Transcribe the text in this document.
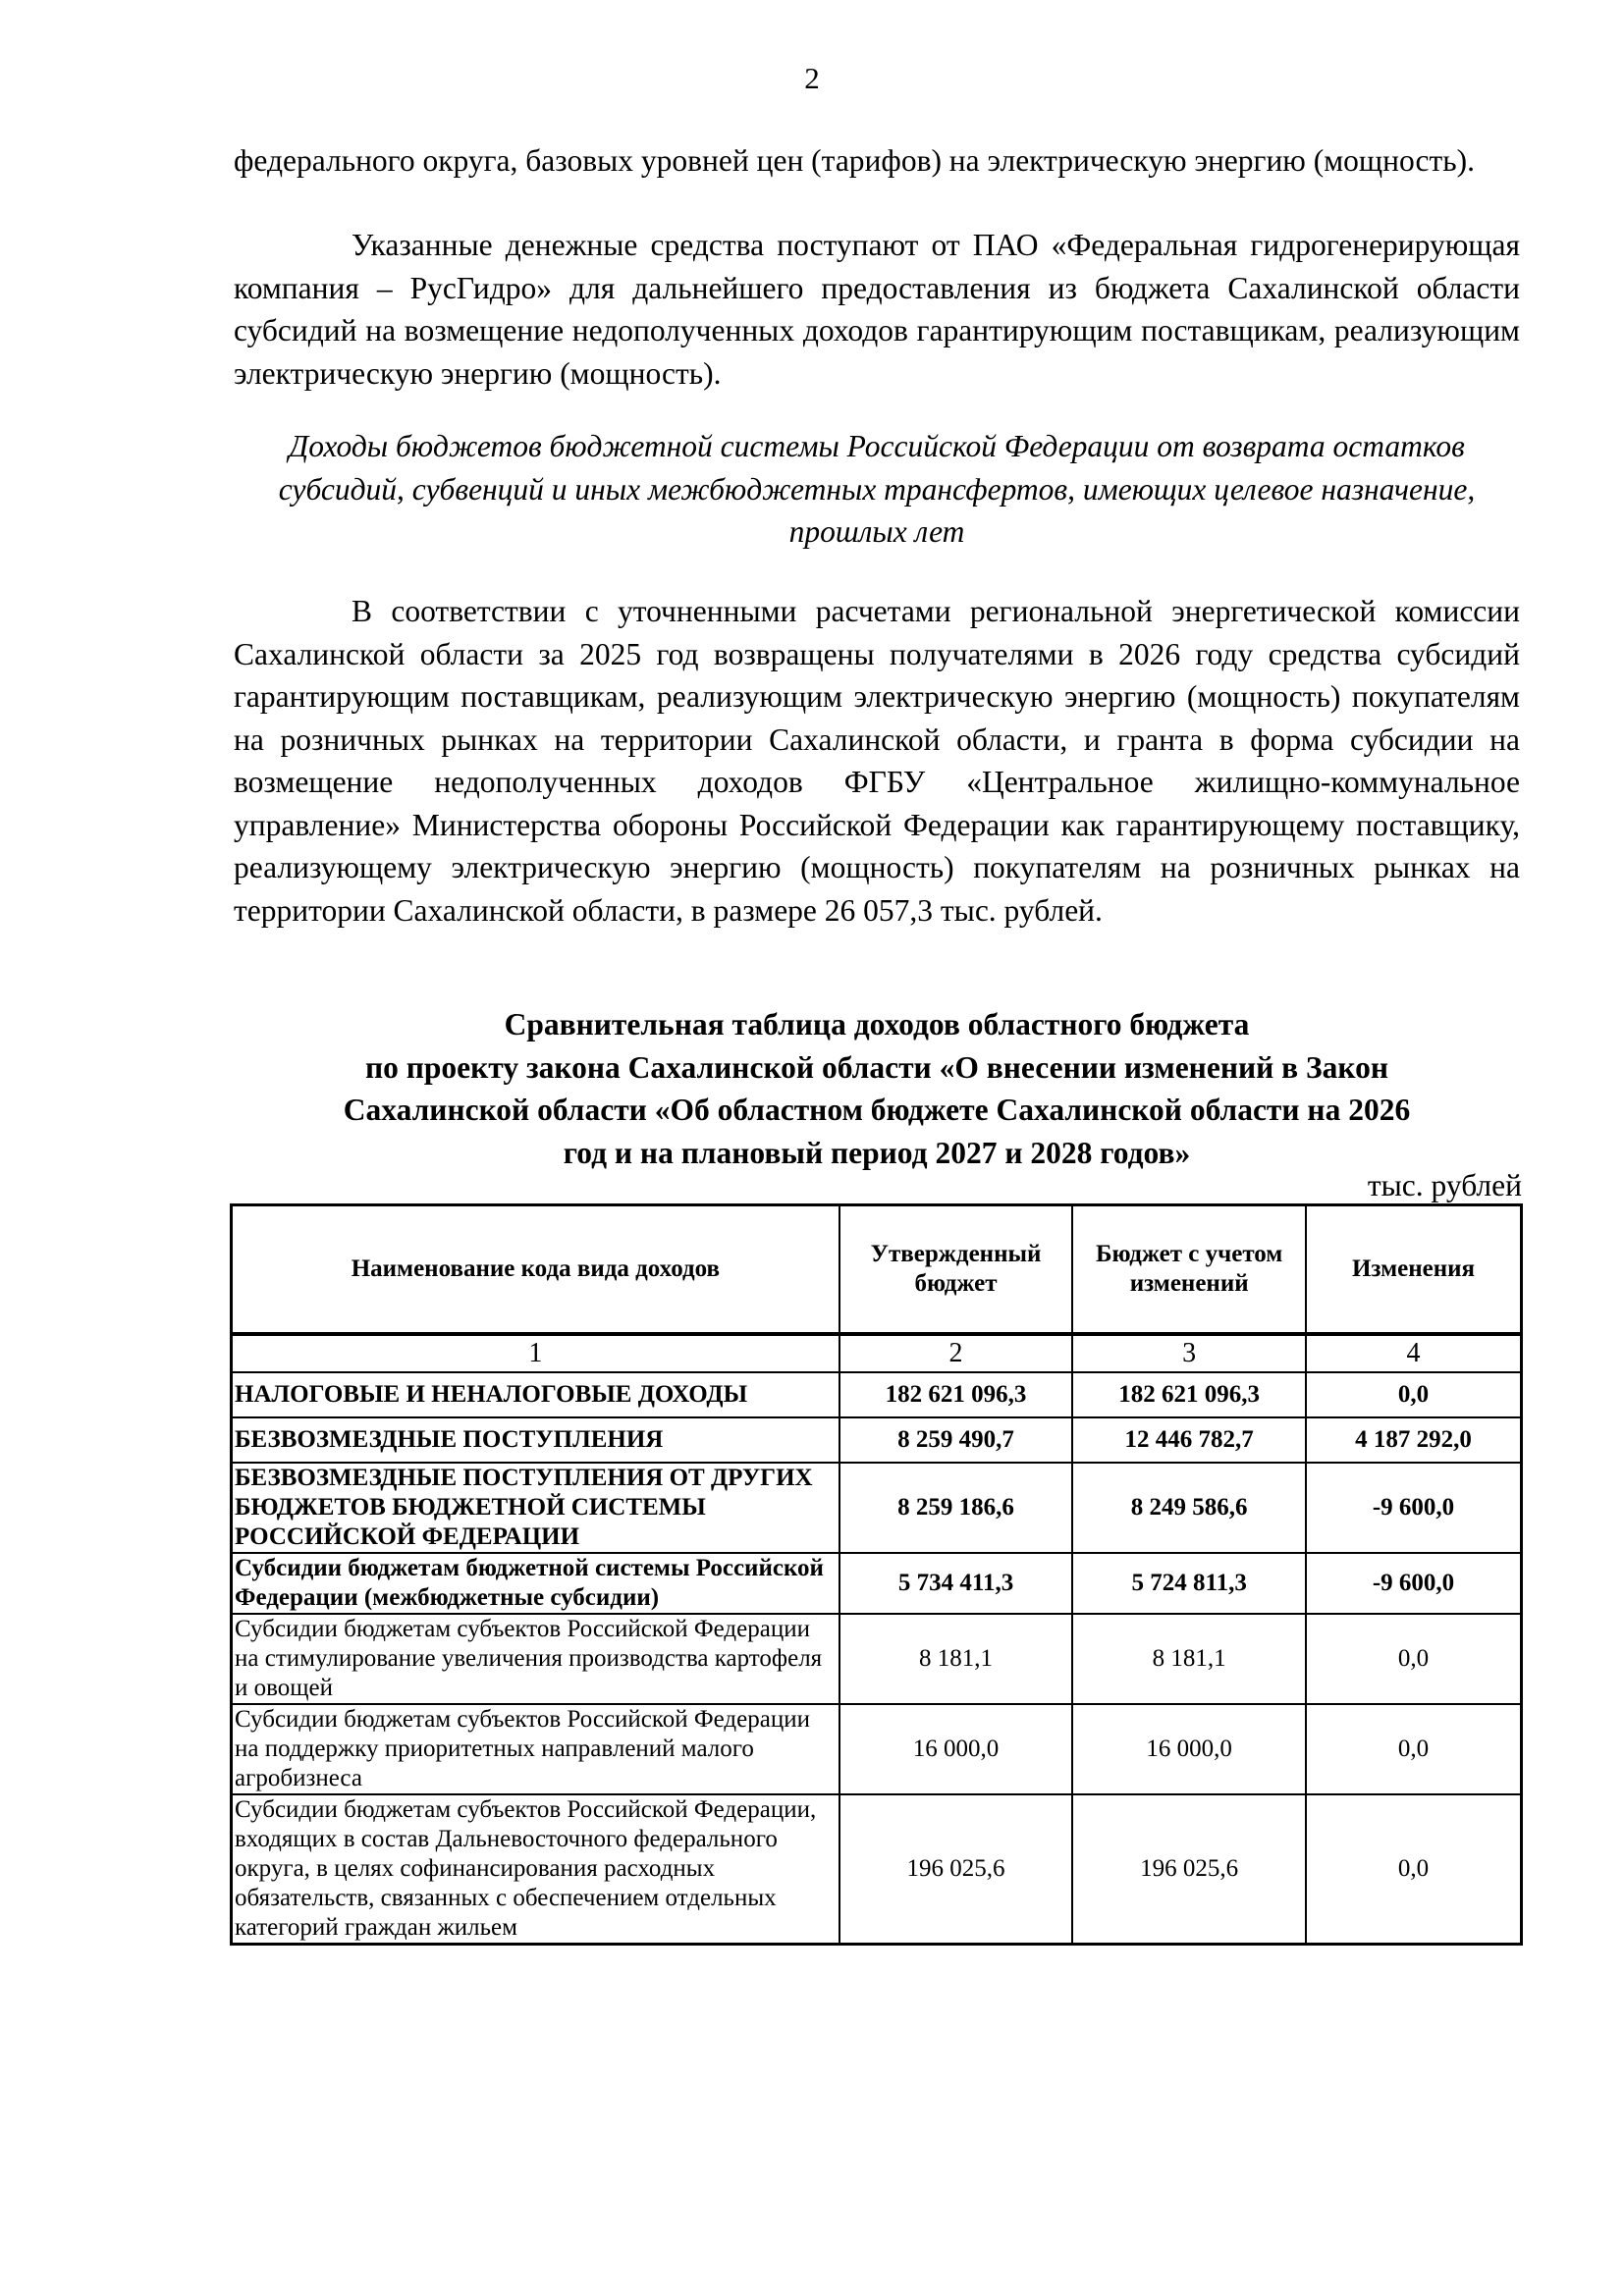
2

федерального округа, базовых уровней цен (тарифов) на электрическую энергию (мощность).

Указанные денежные средства поступают от ПАО «Федеральная гидрогенерирующая компания – РусГидро» для дальнейшего предоставления из бюджета Сахалинской области субсидий на возмещение недополученных доходов гарантирующим поставщикам, реализующим электрическую энергию (мощность).

Доходы бюджетов бюджетной системы Российской Федерации от возврата остатков субсидий, субвенций и иных межбюджетных трансфертов, имеющих целевое назначение, прошлых лет

В соответствии с уточненными расчетами региональной энергетической комиссии Сахалинской области за 2025 год возвращены получателями в 2026 году средства субсидий гарантирующим поставщикам, реализующим электрическую энергию (мощность) покупателям на розничных рынках на территории Сахалинской области, и гранта в форма субсидии на возмещение недополученных доходов ФГБУ «Центральное жилищно-коммунальное управление» Министерства обороны Российской Федерации как гарантирующему поставщику, реализующему электрическую энергию (мощность) покупателям на розничных рынках на территории Сахалинской области, в размере 26 057,3 тыс. рублей.

Сравнительная таблица доходов областного бюджета
по проекту закона Сахалинской области «О внесении изменений в Закон
Сахалинской области «Об областном бюджете Сахалинской области на 2026
год и на плановый период 2027 и 2028 годов»
тыс. рублей
Наименование кода вида доходов	Утвержденный бюджет	Бюджет с учетом изменений	Изменения
1	2	3	4
НАЛОГОВЫЕ И НЕНАЛОГОВЫЕ ДОХОДЫ	182 621 096,3	182 621 096,3	0,0
БЕЗВОЗМЕЗДНЫЕ ПОСТУПЛЕНИЯ	8 259 490,7	12 446 782,7	4 187 292,0
БЕЗВОЗМЕЗДНЫЕ ПОСТУПЛЕНИЯ ОТ ДРУГИХ БЮДЖЕТОВ БЮДЖЕТНОЙ СИСТЕМЫ РОССИЙСКОЙ ФЕДЕРАЦИИ	8 259 186,6	8 249 586,6	-9 600,0
Субсидии бюджетам бюджетной системы Российской Федерации (межбюджетные субсидии)	5 734 411,3	5 724 811,3	-9 600,0
Субсидии бюджетам субъектов Российской Федерации на стимулирование увеличения производства картофеля и овощей	8 181,1	8 181,1	0,0
Субсидии бюджетам субъектов Российской Федерации на поддержку приоритетных направлений малого агробизнеса	16 000,0	16 000,0	0,0
Субсидии бюджетам субъектов Российской Федерации, входящих в состав Дальневосточного федерального округа, в целях софинансирования расходных обязательств, связанных с обеспечением отдельных категорий граждан жильем	196 025,6	196 025,6	0,0
